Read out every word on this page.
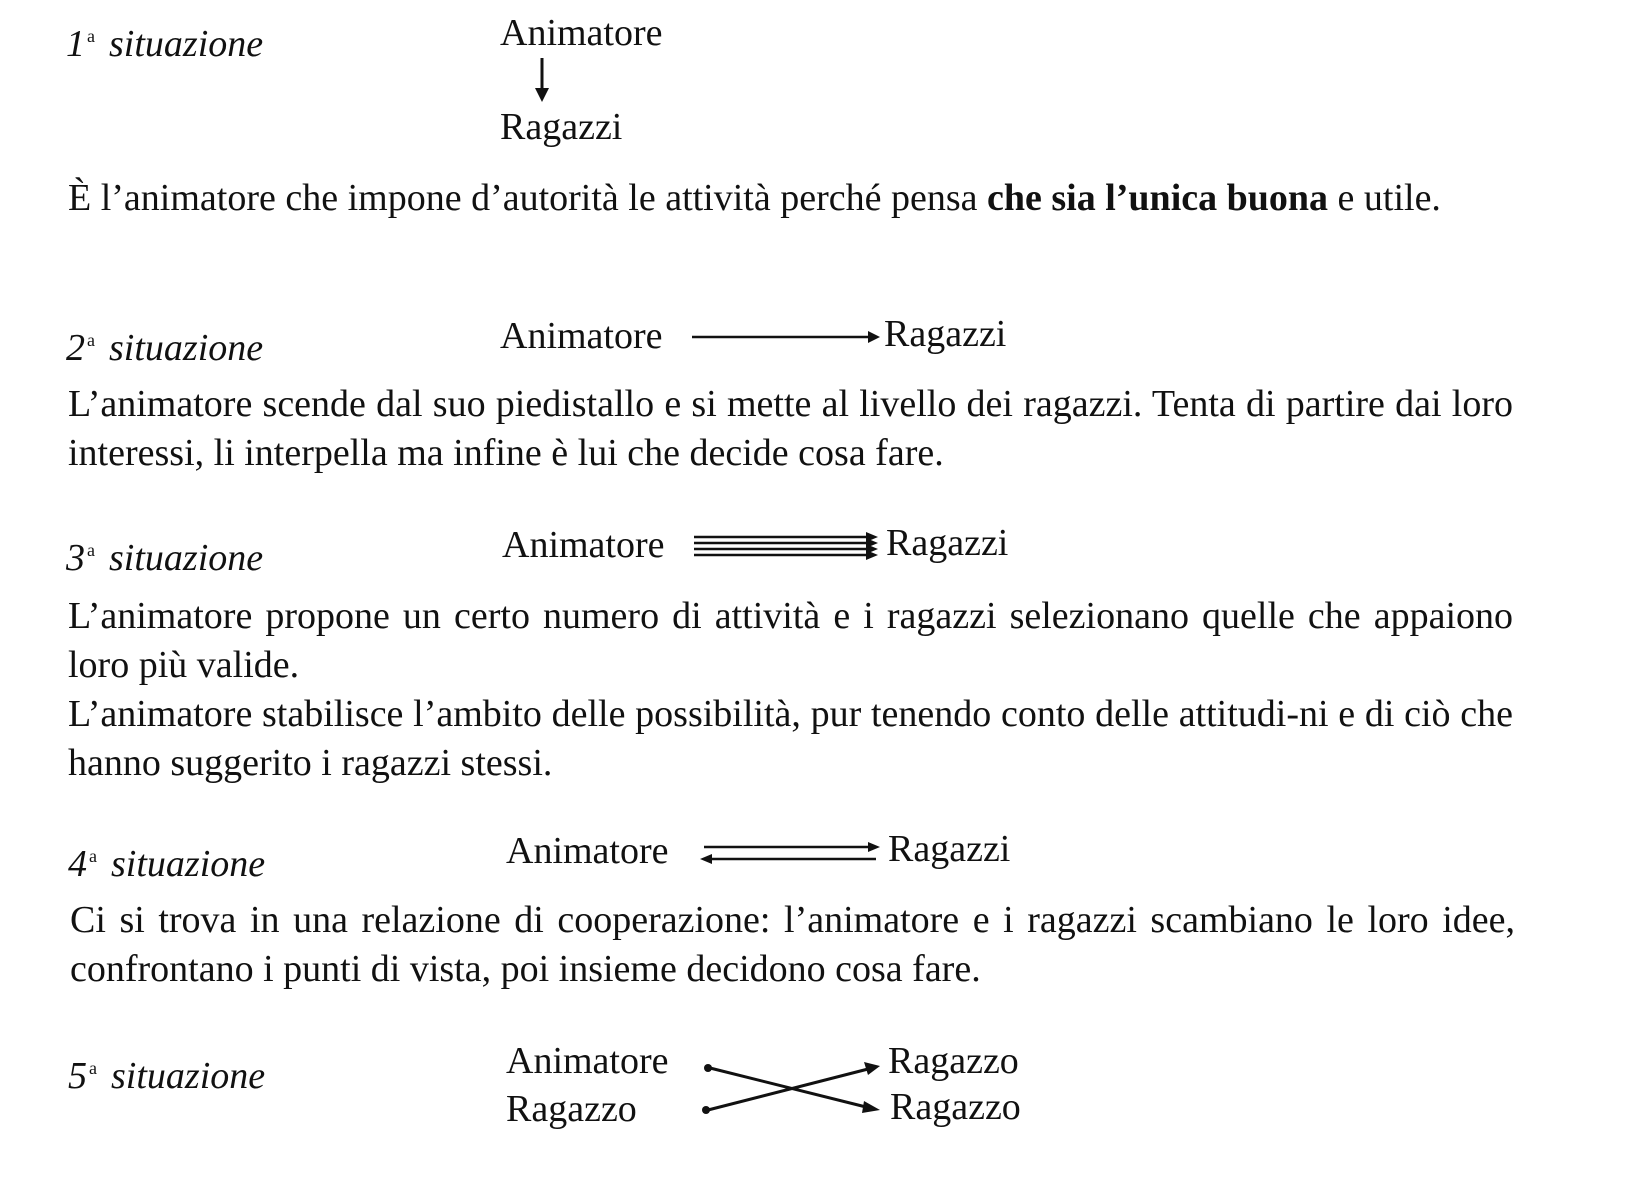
1 $^a$ situazione	Animatore
Ragazzi

È l’animatore che impone d’autorità le attività perché pensa che sia l’unica buona e utile.

2 $^a$ situazione	Animatore	Ragazzi

L’animatore scende dal suo piedistallo e si mette al livello dei ragazzi. Tenta di partire dai loro interessi, li interpella ma infine è lui che decide cosa fare.

3 $^a$ situazione	Animatore	Ragazzi

L’animatore propone un certo numero di attività e i ragazzi selezionano quelle che appaiono loro più valide.

L’animatore stabilisce l’ambito delle possibilità, pur tenendo conto delle attitudi-ni e di ciò che hanno suggerito i ragazzi stessi.

4 $^a$ situazione	Animatore	Ragazzi

Ci si trova in una relazione di cooperazione: l’animatore e i ragazzi scambiano le loro idee, confrontano i punti di vista, poi insieme decidono cosa fare.

5 $^a$ situazione	Animatore	Ragazzo
Ragazzo	Ragazzo
